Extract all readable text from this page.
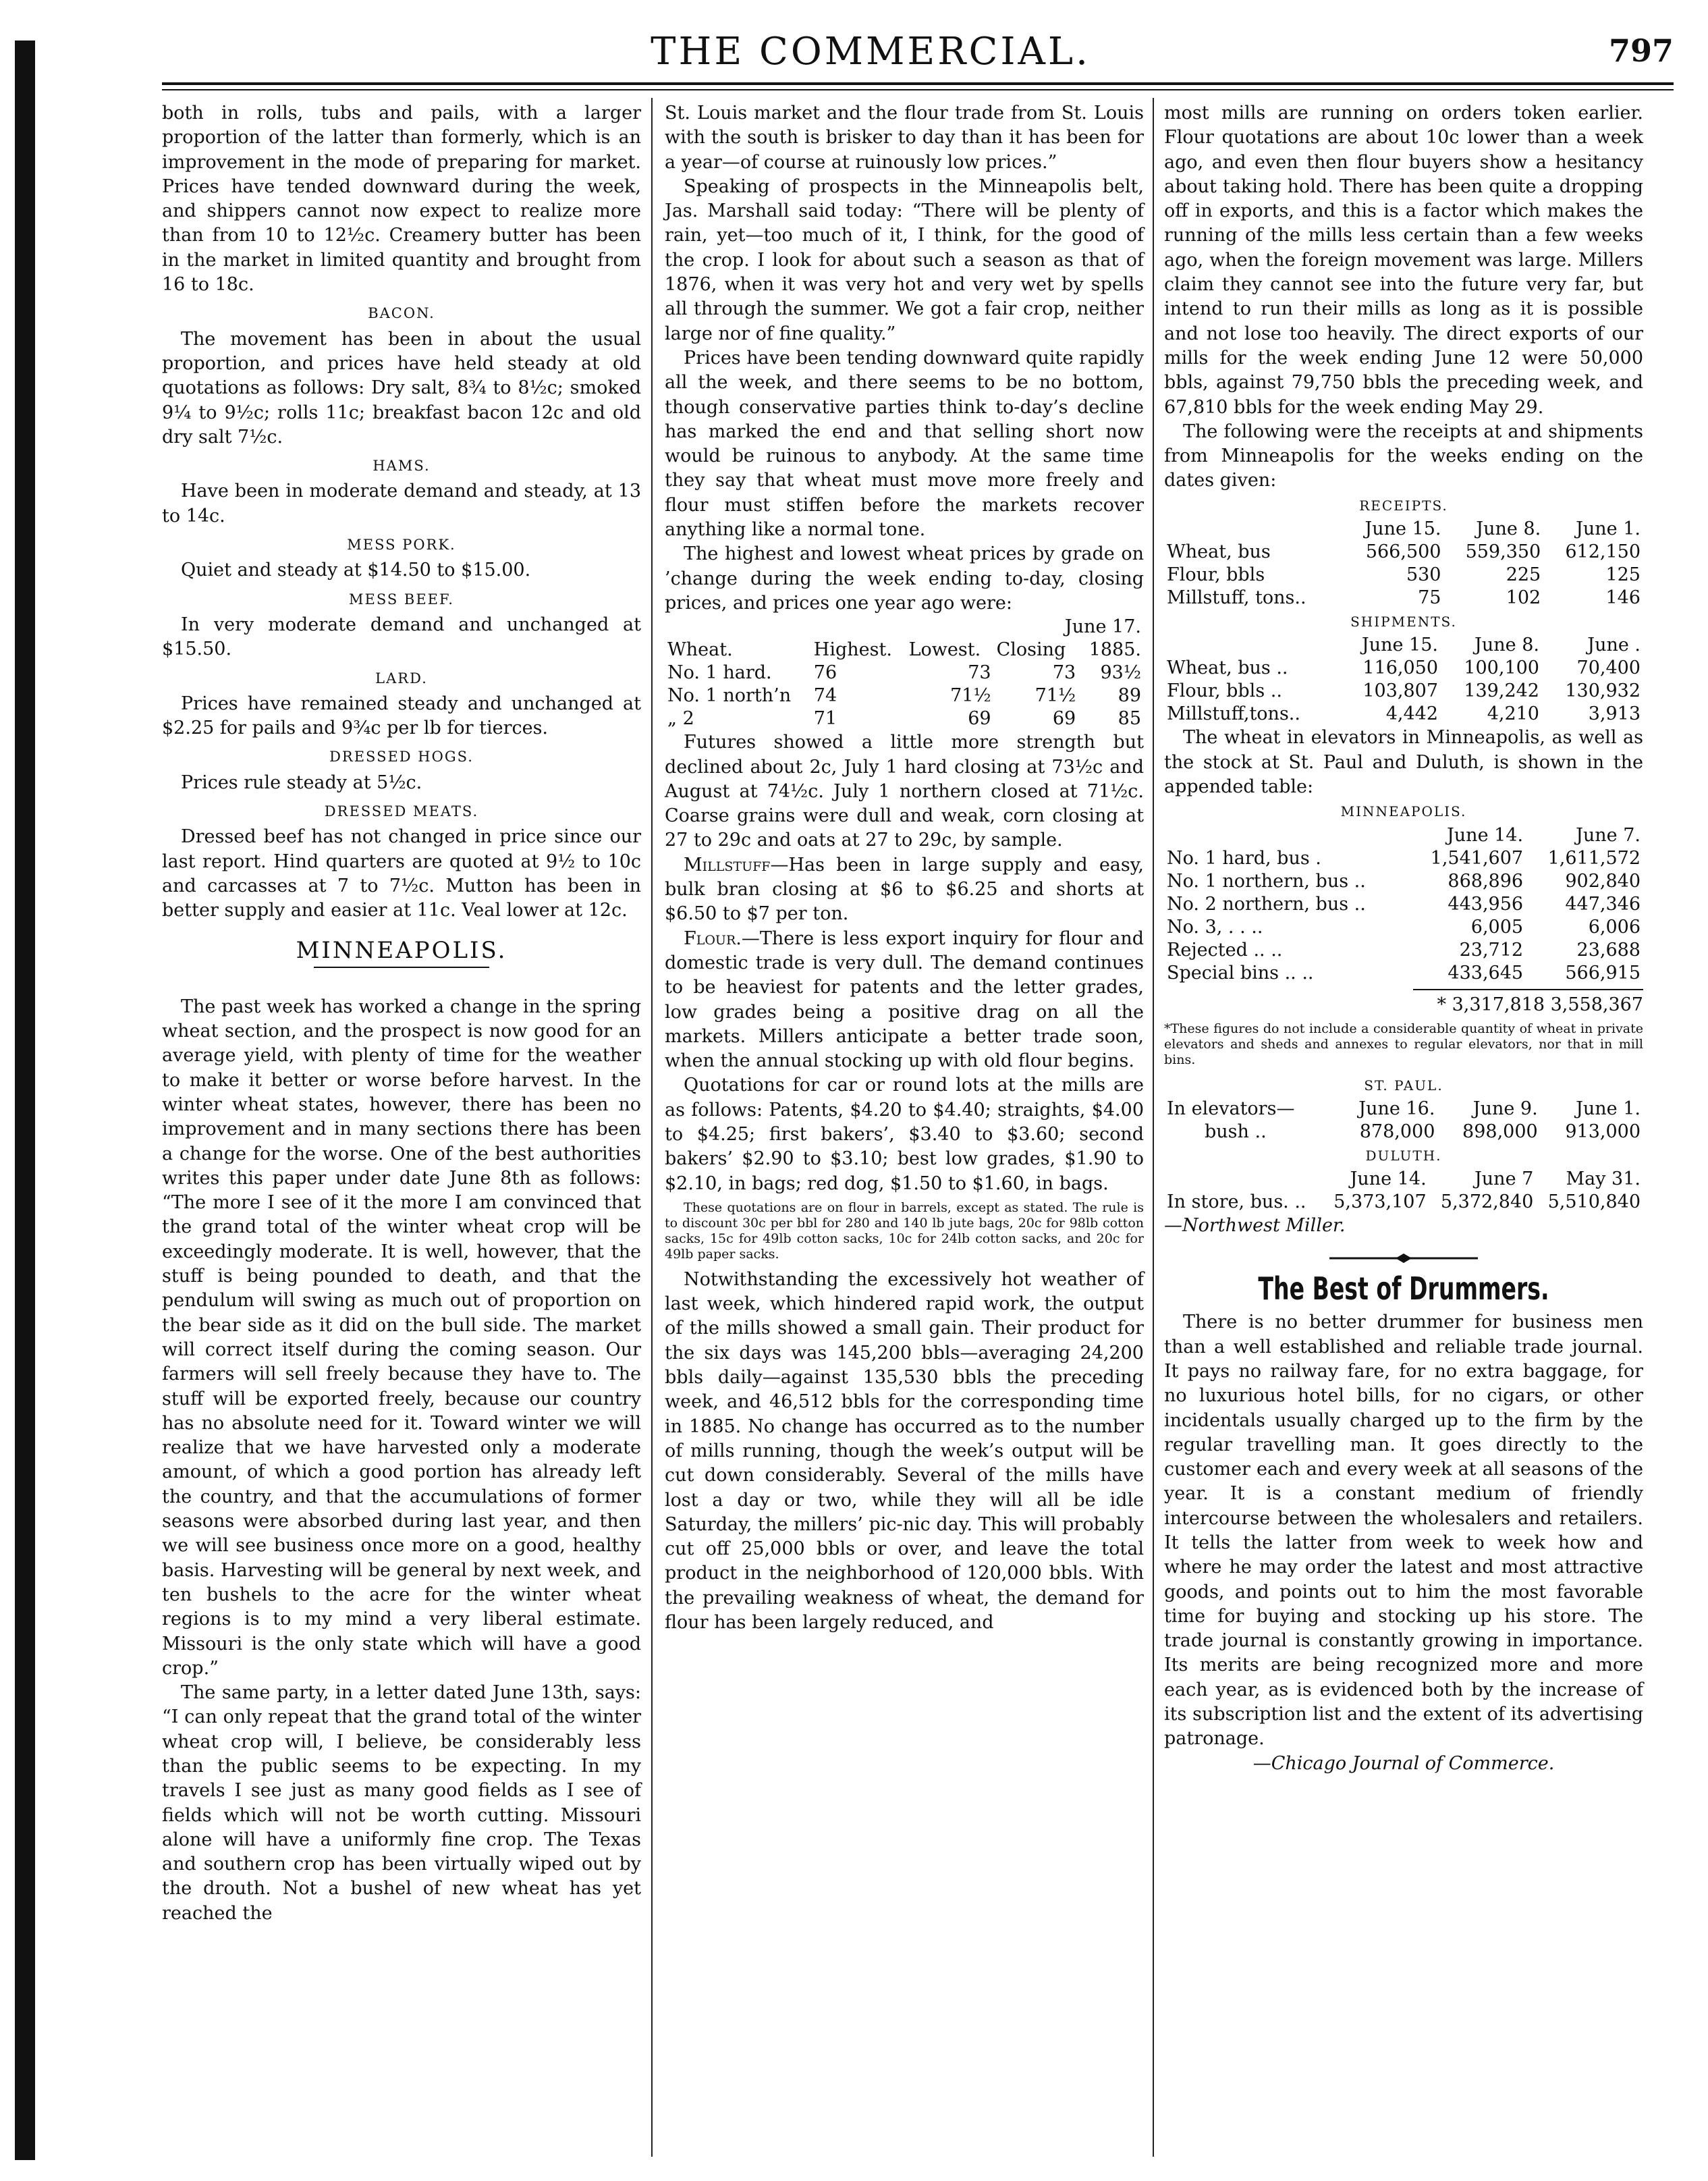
THE COMMERCIAL.	797

both in rolls, tubs and pails, with a larger proportion of the latter than formerly, which is an improvement in the mode of preparing for market. Prices have tended downward during the week, and shippers cannot now expect to realize more than from 10 to 12½c. Creamery butter has been in the market in limited quantity and brought from 16 to 18c.

BACON.

The movement has been in about the usual proportion, and prices have held steady at old quotations as follows: Dry salt, 8¾ to 8½c; smoked 9¼ to 9½c; rolls 11c; breakfast bacon 12c and old dry salt 7½c.

HAMS.

Have been in moderate demand and steady, at 13 to 14c.

MESS PORK.

Quiet and steady at $14.50 to $15.00.

MESS BEEF.

In very moderate demand and unchanged at $15.50.

LARD.

Prices have remained steady and unchanged at $2.25 for pails and 9¾c per lb for tierces.

DRESSED HOGS.

Prices rule steady at 5½c.

DRESSED MEATS.

Dressed beef has not changed in price since our last report. Hind quarters are quoted at 9½ to 10c and carcasses at 7 to 7½c. Mutton has been in better supply and easier at 11c. Veal lower at 12c.

MINNEAPOLIS.

The past week has worked a change in the spring wheat section, and the prospect is now good for an average yield, with plenty of time for the weather to make it better or worse before harvest. In the winter wheat states, however, there has been no improvement and in many sections there has been a change for the worse. One of the best authorities writes this paper under date June 8th as follows: “The more I see of it the more I am convinced that the grand total of the winter wheat crop will be exceedingly moderate. It is well, however, that the stuff is being pounded to death, and that the pendulum will swing as much out of proportion on the bear side as it did on the bull side. The market will correct itself during the coming season. Our farmers will sell freely because they have to. The stuff will be exported freely, because our country has no absolute need for it. Toward winter we will realize that we have harvested only a moderate amount, of which a good portion has already left the country, and that the accumulations of former seasons were absorbed during last year, and then we will see business once more on a good, healthy basis. Harvesting will be general by next week, and ten bushels to the acre for the winter wheat regions is to my mind a very liberal estimate. Missouri is the only state which will have a good crop.”

The same party, in a letter dated June 13th, says: “I can only repeat that the grand total of the winter wheat crop will, I believe, be considerably less than the public seems to be expecting. In my travels I see just as many good fields as I see of fields which will not be worth cutting. Missouri alone will have a uniformly fine crop. The Texas and southern crop has been virtually wiped out by the drouth. Not a bushel of new wheat has yet reached the

St. Louis market and the flour trade from St. Louis with the south is brisker to day than it has been for a year—of course at ruinously low prices.”

Speaking of prospects in the Minneapolis belt, Jas. Marshall said today: “There will be plenty of rain, yet—too much of it, I think, for the good of the crop. I look for about such a season as that of 1876, when it was very hot and very wet by spells all through the summer. We got a fair crop, neither large nor of fine quality.”

Prices have been tending downward quite rapidly all the week, and there seems to be no bottom, though conservative parties think to-day’s decline has marked the end and that selling short now would be ruinous to anybody. At the same time they say that wheat must move more freely and flour must stiffen before the markets recover anything like a normal tone.

The highest and lowest wheat prices by grade on ’change during the week ending to-day, closing prices, and prices one year ago were:

June 17.				
Wheat.	Highest.	Lowest.	Closing	1885.
No. 1 hard.	76	73	73	93½
No. 1 north’n	74	71½	71½	89
„ 2	71	69	69	85

Futures showed a little more strength but declined about 2c, July 1 hard closing at 73½c and August at 74½c. July 1 northern closed at 71½c. Coarse grains were dull and weak, corn closing at 27 to 29c and oats at 27 to 29c, by sample.

Millstuff—Has been in large supply and easy, bulk bran closing at $6 to $6.25 and shorts at $6.50 to $7 per ton.

Flour.—There is less export inquiry for flour and domestic trade is very dull. The demand continues to be heaviest for patents and the letter grades, low grades being a positive drag on all the markets. Millers anticipate a better trade soon, when the annual stocking up with old flour begins.

Quotations for car or round lots at the mills are as follows: Patents, $4.20 to $4.40; straights, $4.00 to $4.25; first bakers’, $3.40 to $3.60; second bakers’ $2.90 to $3.10; best low grades, $1.90 to $2.10, in bags; red dog, $1.50 to $1.60, in bags.

These quotations are on flour in barrels, except as stated. The rule is to discount 30c per bbl for 280 and 140 lb jute bags, 20c for 98lb cotton sacks, 15c for 49lb cotton sacks, 10c for 24lb cotton sacks, and 20c for 49lb paper sacks.

Notwithstanding the excessively hot weather of last week, which hindered rapid work, the output of the mills showed a small gain. Their product for the six days was 145,200 bbls—averaging 24,200 bbls daily—against 135,530 bbls the preceding week, and 46,512 bbls for the corresponding time in 1885. No change has occurred as to the number of mills running, though the week’s output will be cut down considerably. Several of the mills have lost a day or two, while they will all be idle Saturday, the millers’ pic-nic day. This will probably cut off 25,000 bbls or over, and leave the total product in the neighborhood of 120,000 bbls. With the prevailing weakness of wheat, the demand for flour has been largely reduced, and

most mills are running on orders token earlier. Flour quotations are about 10c lower than a week ago, and even then flour buyers show a hesitancy about taking hold. There has been quite a dropping off in exports, and this is a factor which makes the running of the mills less certain than a few weeks ago, when the foreign movement was large. Millers claim they cannot see into the future very far, but intend to run their mills as long as it is possible and not lose too heavily. The direct exports of our mills for the week ending June 12 were 50,000 bbls, against 79,750 bbls the preceding week, and 67,810 bbls for the week ending May 29.

The following were the receipts at and shipments from Minneapolis for the weeks ending on the dates given:

RECEIPTS.
	June 15.	June 8.	June 1.
Wheat, bus	566,500	559,350	612,150
Flour, bbls	530	225	125
Millstuff, tons..	75	102	146
SHIPMENTS.
	June 15.	June 8.	June .
Wheat, bus ..	116,050	100,100	70,400
Flour, bbls ..	103,807	139,242	130,932
Millstuff,tons..	4,442	4,210	3,913

The wheat in elevators in Minneapolis, as well as the stock at St. Paul and Duluth, is shown in the appended table:

MINNEAPOLIS.
	June 14.	June 7.
No. 1 hard, bus .	1,541,607	1,611,572
No. 1 northern, bus ..	868,896	902,840
No. 2 northern, bus ..	443,956	447,346
No. 3, . . ..	6,005	6,006
Rejected .. ..	23,712	23,688
Special bins .. ..	433,645	566,915
* 3,317,818 3,558,367
*These figures do not include a considerable quantity of wheat in private elevators and sheds and annexes to regular elevators, nor that in mill bins.
ST. PAUL.
In elevators—	June 16.	June 9.	June 1.
bush ..	878,000	898,000	913,000
DULUTH.
	June 14.	June 7	May 31.
In store, bus. ..	5,373,107	5,372,840	5,510,840
—Northwest Miller.
The Best of Drummers.

There is no better drummer for business men than a well established and reliable trade journal. It pays no railway fare, for no extra baggage, for no luxurious hotel bills, for no cigars, or other incidentals usually charged up to the firm by the regular travelling man. It goes directly to the customer each and every week at all seasons of the year. It is a constant medium of friendly intercourse between the wholesalers and retailers. It tells the latter from week to week how and where he may order the latest and most attractive goods, and points out to him the most favorable time for buying and stocking up his store. The trade journal is constantly growing in importance. Its merits are being recognized more and more each year, as is evidenced both by the increase of its subscription list and the extent of its advertising patronage.

—Chicago Journal of Commerce.
